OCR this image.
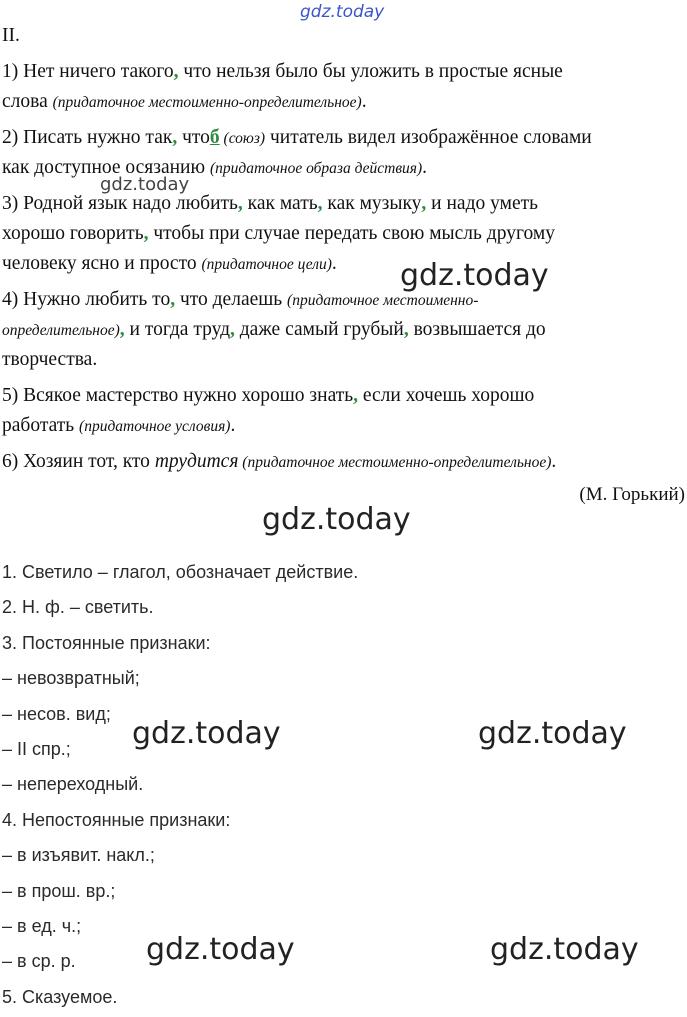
gdz.today
gdz.today
gdz.today
gdz.today
gdz.today	gdz.today
gdz.today	gdz.today
II.
1) Нет ничего такого, что нельзя было бы уложить в простые ясные
слова (придаточное местоименно-определительное).
2) Писать нужно так, чтоб (союз) читатель видел изображённое словами
как доступное осязанию (придаточное образа действия).
3) Родной язык надо любить, как мать, как музыку, и надо уметь
хорошо говорить, чтобы при случае передать свою мысль другому
человеку ясно и просто (придаточное цели).
4) Нужно любить то, что делаешь (придаточное местоименно-
определительное), и тогда труд, даже самый грубый, возвышается до
творчества.
5) Всякое мастерство нужно хорошо знать, если хочешь хорошо
работать (придаточное условия).
6) Хозяин тот, кто трудится (придаточное местоименно-определительное).
(М. Горький)
1. Светило – глагол, обозначает действие.
2. Н. ф. – светить.
3. Постоянные признаки:
– невозвратный;
– несов. вид;
– II спр.;
– непереходный.
4. Непостоянные признаки:
– в изъявит. накл.;
– в прош. вр.;
– в ед. ч.;
– в ср. р.
5. Сказуемое.
